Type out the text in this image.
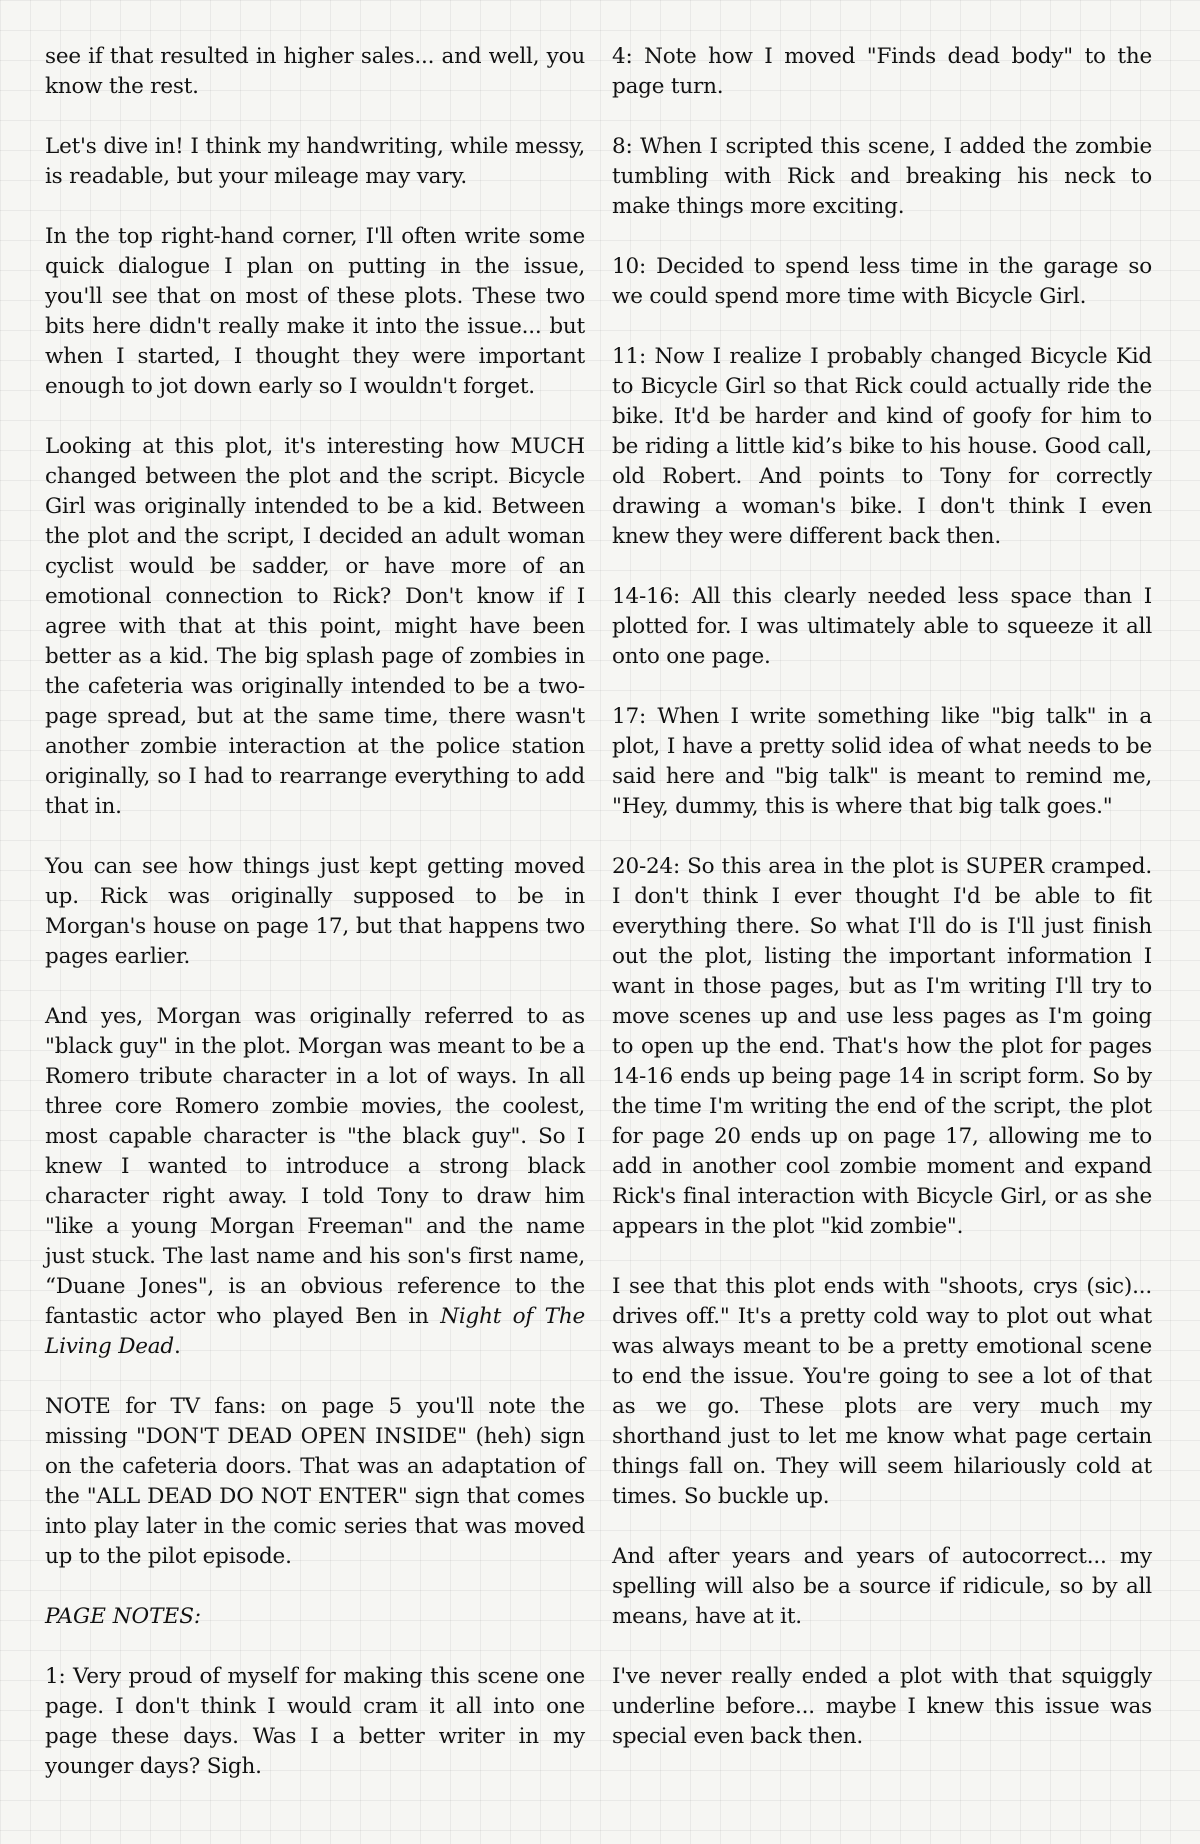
see if that resulted in higher sales... and well, you know the rest.

Let's dive in! I think my handwriting, while messy, is readable, but your mileage may vary.

In the top right-hand corner, I'll often write some quick dialogue I plan on putting in the issue, you'll see that on most of these plots. These two bits here didn't really make it into the issue... but when I started, I thought they were important enough to jot down early so I wouldn't forget.

Looking at this plot, it's interesting how MUCH changed between the plot and the script. Bicycle Girl was originally intended to be a kid. Between the plot and the script, I decided an adult woman cyclist would be sadder, or have more of an emotional connection to Rick? Don't know if I agree with that at this point, might have been better as a kid. The big splash page of zombies in the cafeteria was originally intended to be a two-page spread, but at the same time, there wasn't another zombie interaction at the police station originally, so I had to rearrange everything to add that in.

You can see how things just kept getting moved up. Rick was originally supposed to be in Morgan's house on page 17, but that happens two pages earlier.

And yes, Morgan was originally referred to as "black guy" in the plot. Morgan was meant to be a Romero tribute character in a lot of ways. In all three core Romero zombie movies, the coolest, most capable character is "the black guy". So I knew I wanted to introduce a strong black character right away. I told Tony to draw him "like a young Morgan Freeman" and the name just stuck. The last name and his son's first name, “Duane Jones", is an obvious reference to the fantastic actor who played Ben in Night of The Living Dead.

NOTE for TV fans: on page 5 you'll note the missing "DON'T DEAD OPEN INSIDE" (heh) sign on the cafeteria doors. That was an adaptation of the "ALL DEAD DO NOT ENTER" sign that comes into play later in the comic series that was moved up to the pilot episode.

PAGE NOTES:

1: Very proud of myself for making this scene one page. I don't think I would cram it all into one page these days. Was I a better writer in my younger days? Sigh.

4: Note how I moved "Finds dead body" to the page turn.

8: When I scripted this scene, I added the zombie tumbling with Rick and breaking his neck to make things more exciting.

10: Decided to spend less time in the garage so we could spend more time with Bicycle Girl.

11: Now I realize I probably changed Bicycle Kid to Bicycle Girl so that Rick could actually ride the bike. It'd be harder and kind of goofy for him to be riding a little kid’s bike to his house. Good call, old Robert. And points to Tony for correctly drawing a woman's bike. I don't think I even knew they were different back then.

14-16: All this clearly needed less space than I plotted for. I was ultimately able to squeeze it all onto one page.

17: When I write something like "big talk" in a plot, I have a pretty solid idea of what needs to be said here and "big talk" is meant to remind me, "Hey, dummy, this is where that big talk goes."

20-24: So this area in the plot is SUPER cramped. I don't think I ever thought I'd be able to fit everything there. So what I'll do is I'll just finish out the plot, listing the important information I want in those pages, but as I'm writing I'll try to move scenes up and use less pages as I'm going to open up the end. That's how the plot for pages 14-16 ends up being page 14 in script form. So by the time I'm writing the end of the script, the plot for page 20 ends up on page 17, allowing me to add in another cool zombie moment and expand Rick's final interaction with Bicycle Girl, or as she appears in the plot "kid zombie".

I see that this plot ends with "shoots, crys (sic)... drives off." It's a pretty cold way to plot out what was always meant to be a pretty emotional scene to end the issue. You're going to see a lot of that as we go. These plots are very much my shorthand just to let me know what page certain things fall on. They will seem hilariously cold at times. So buckle up.

And after years and years of autocorrect... my spelling will also be a source if ridicule, so by all means, have at it.

I've never really ended a plot with that squiggly underline before... maybe I knew this issue was special even back then.
